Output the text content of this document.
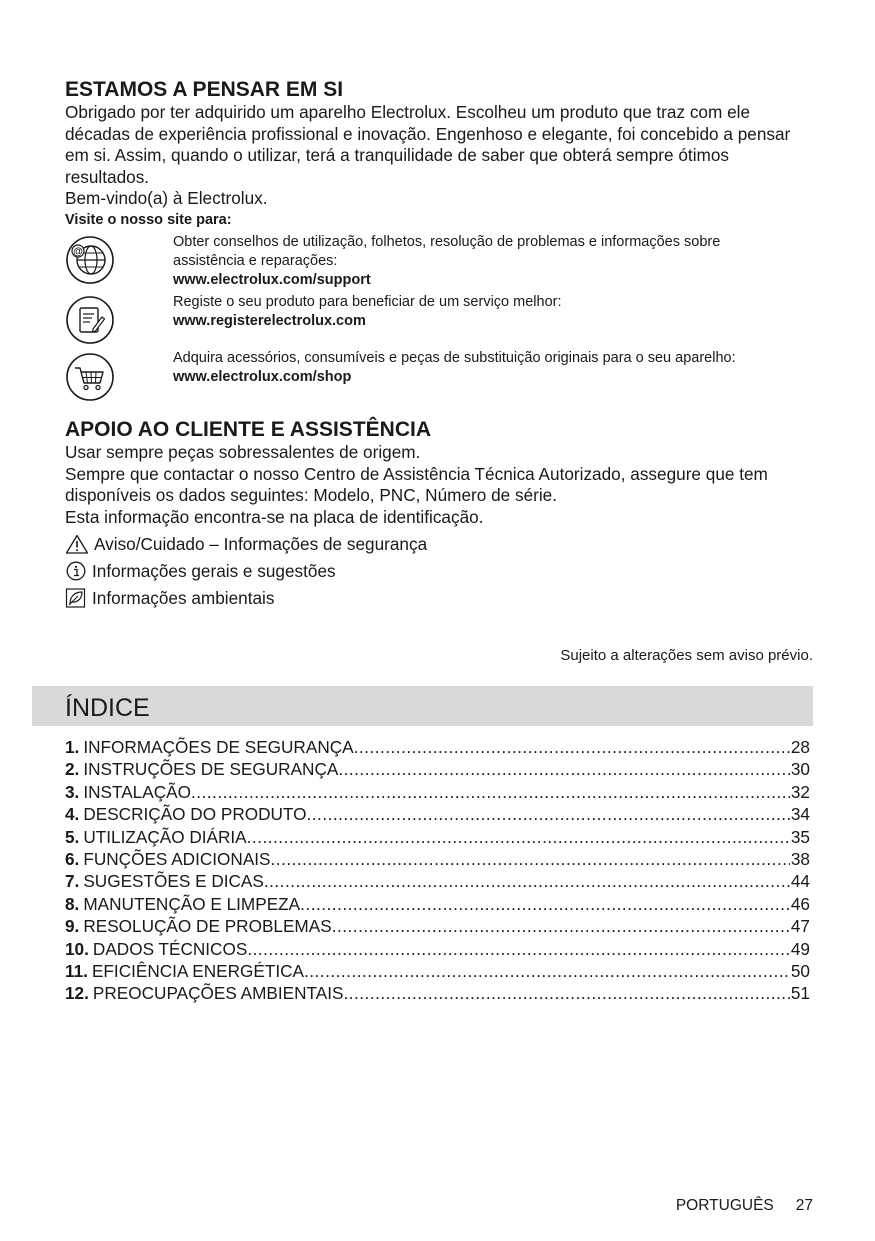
ESTAMOS A PENSAR EM SI

Obrigado por ter adquirido um aparelho Electrolux. Escolheu um produto que traz com ele décadas de experiência profissional e inovação. Engenhoso e elegante, foi concebido a pensar em si. Assim, quando o utilizar, terá a tranquilidade de saber que obterá sempre ótimos resultados.

Bem-vindo(a) à Electrolux.

Visite o nosso site para:

@
Obter conselhos de utilização, folhetos, resolução de problemas e informações sobre assistência e reparações:
www.electrolux.com/support
Registe o seu produto para beneficiar de um serviço melhor:
www.registerelectrolux.com
Adquira acessórios, consumíveis e peças de substituição originais para o seu aparelho:
www.electrolux.com/shop
APOIO AO CLIENTE E ASSISTÊNCIA

Usar sempre peças sobressalentes de origem.

Sempre que contactar o nosso Centro de Assistência Técnica Autorizado, assegure que tem disponíveis os dados seguintes: Modelo, PNC, Número de série.

Esta informação encontra-se na placa de identificação.

Aviso/Cuidado – Informações de segurança
Informações gerais e sugestões
Informações ambientais
Sujeito a alterações sem aviso prévio.
ÍNDICE
1. INFORMAÇÕES DE SEGURANÇA .....	28
2. INSTRUÇÕES DE SEGURANÇA .....	30
3. INSTALAÇÃO .....	32
4. DESCRIÇÃO DO PRODUTO .....	34
5. UTILIZAÇÃO DIÁRIA .....	35
6. FUNÇÕES ADICIONAIS .....	38
7. SUGESTÕES E DICAS .....	44
8. MANUTENÇÃO E LIMPEZA .....	46
9. RESOLUÇÃO DE PROBLEMAS .....	47
10. DADOS TÉCNICOS .....	49
11. EFICIÊNCIA ENERGÉTICA .....	50
12. PREOCUPAÇÕES AMBIENTAIS .....	51
PORTUGUÊS 27
